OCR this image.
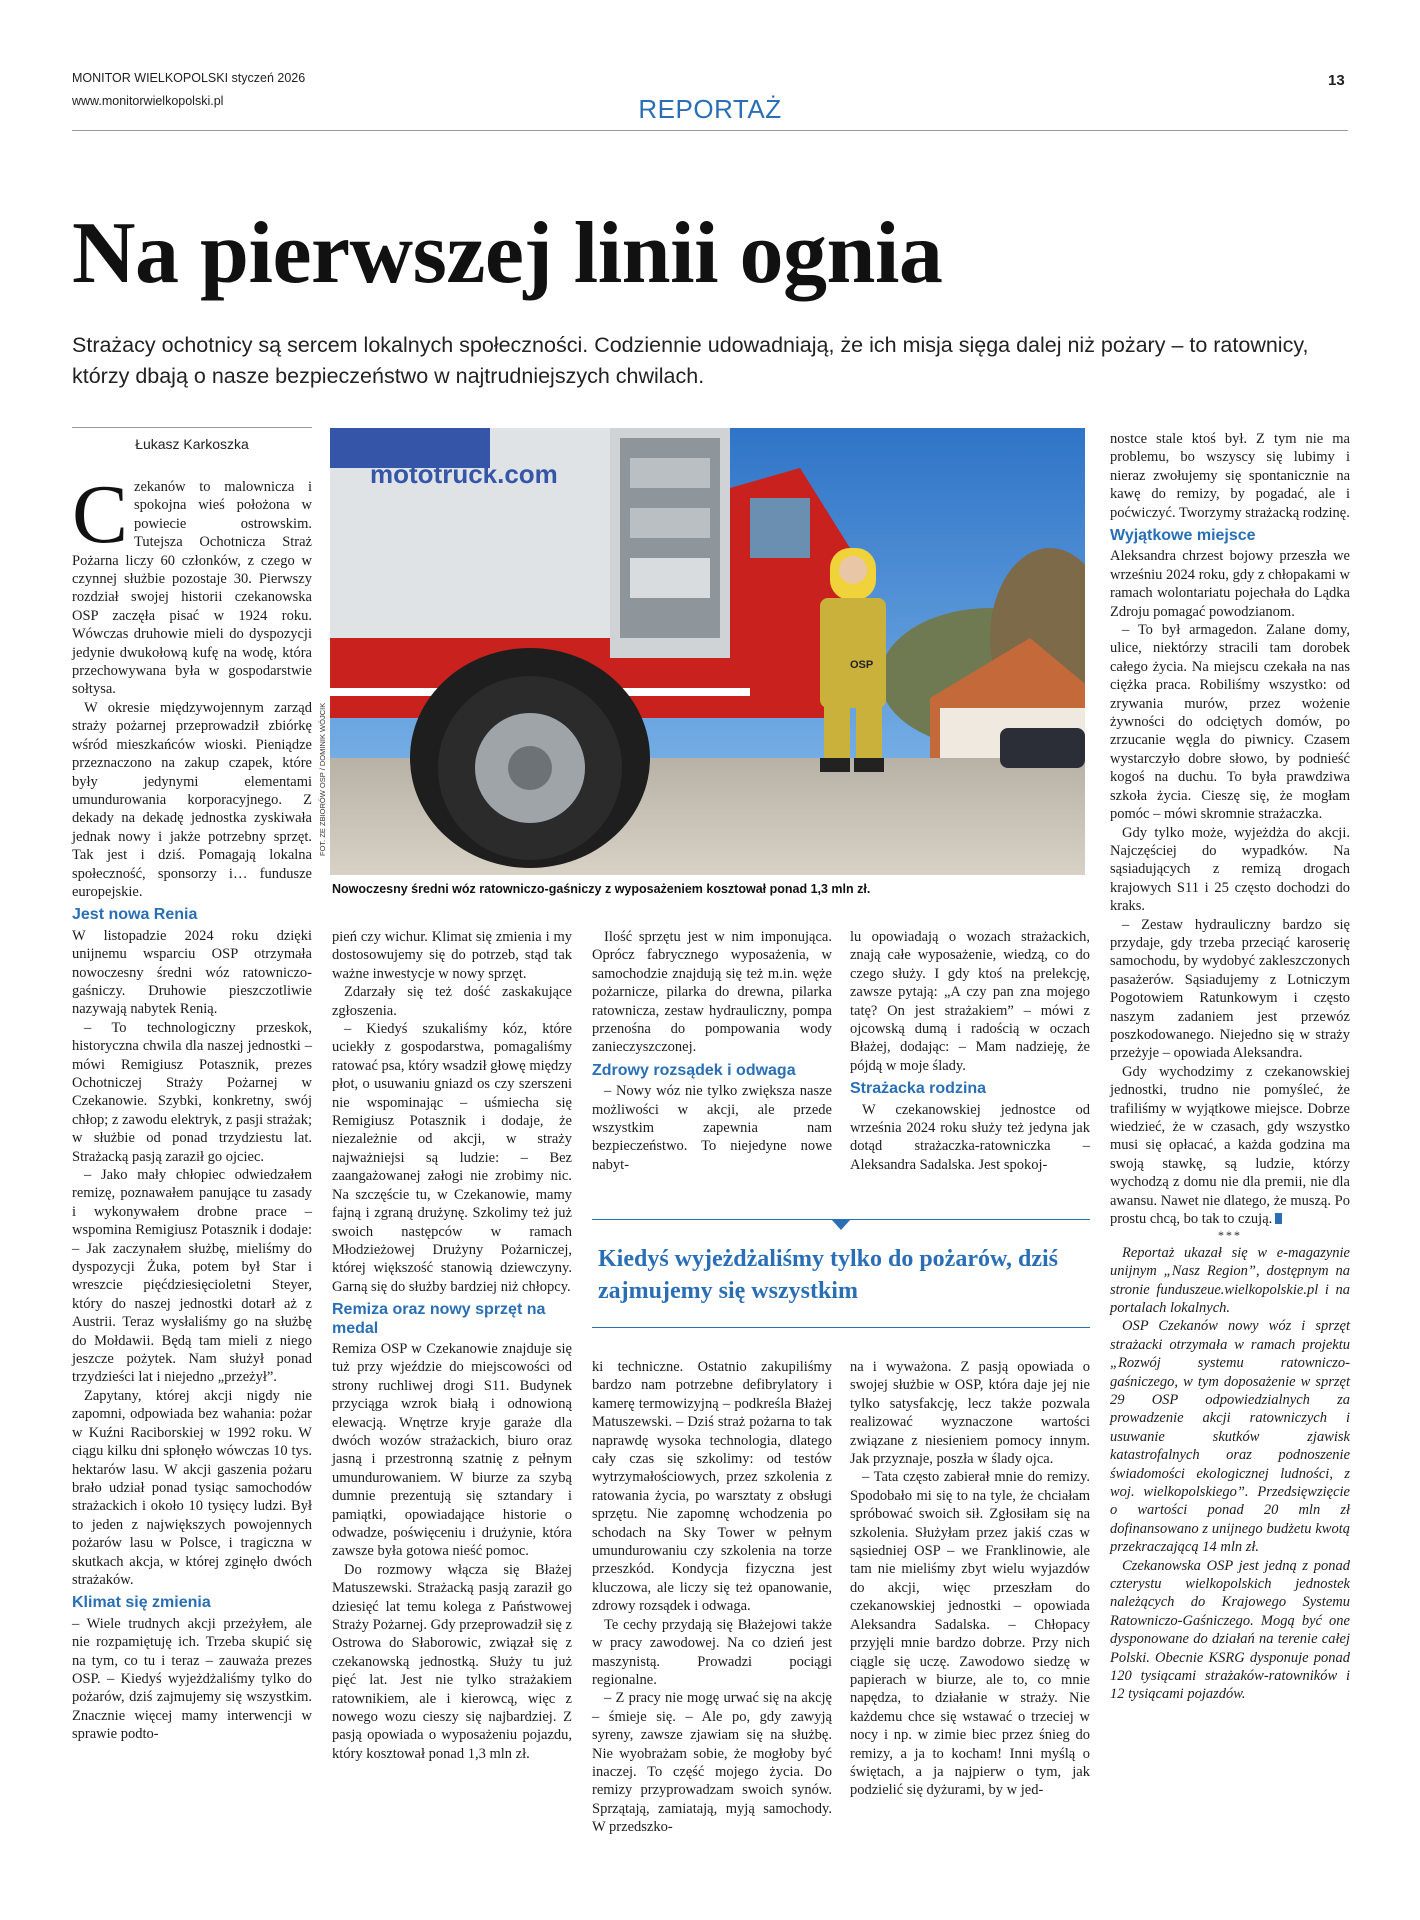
MONITOR WIELKOPOLSKI styczeń 2026
www.monitorwielkopolski.pl	REPORTAŻ
13
Na pierwszej linii ognia
Strażacy ochotnicy są sercem lokalnych społeczności. Codziennie udowadniają, że ich misja sięga dalej niż pożary – to ratownicy, którzy dbają o nasze bezpieczeństwo w najtrudniejszych chwilach.
Łukasz Karkoszka
mototruck.com
OSP
FOT. ZE ZBIORÓW OSP / DOMINIK WÓJCIK
Nowoczesny średni wóz ratowniczo-gaśniczy z wyposażeniem kosztował ponad 1,3 mln zł.

Czekanów to malownicza i spokojna wieś położona w powiecie ostrowskim. Tutejsza Ochotnicza Straż Pożarna liczy 60 członków, z czego w czynnej służbie pozostaje 30. Pierwszy rozdział swojej historii czekanowska OSP zaczęła pisać w 1924 roku. Wówczas druhowie mieli do dyspozycji jedynie dwukołową kufę na wodę, która przechowywana była w gospodarstwie sołtysa.

W okresie międzywojennym zarząd straży pożarnej przeprowadził zbiórkę wśród mieszkańców wioski. Pieniądze przeznaczono na zakup czapek, które były jedynymi elementami umundurowania korporacyjnego. Z dekady na dekadę jednostka zyskiwała jednak nowy i jakże potrzebny sprzęt. Tak jest i dziś. Pomagają lokalna społeczność, sponsorzy i… fundusze europejskie.

Jest nowa Renia

W listopadzie 2024 roku dzięki unijnemu wsparciu OSP otrzymała nowoczesny średni wóz ratowniczo-gaśniczy. Druhowie pieszczotliwie nazywają nabytek Renią.

– To technologiczny przeskok, historyczna chwila dla naszej jednostki – mówi Remigiusz Potasznik, prezes Ochotniczej Straży Pożarnej w Czekanowie. Szybki, konkretny, swój chłop; z zawodu elektryk, z pasji strażak; w służbie od ponad trzydziestu lat. Strażacką pasją zaraził go ojciec.

– Jako mały chłopiec odwiedzałem remizę, poznawałem panujące tu zasady i wykonywałem drobne prace – wspomina Remigiusz Potasznik i dodaje: – Jak zaczynałem służbę, mieliśmy do dyspozycji Żuka, potem był Star i wreszcie pięćdziesięcioletni Steyer, który do naszej jednostki dotarł aż z Austrii. Teraz wysłaliśmy go na służbę do Mołdawii. Będą tam mieli z niego jeszcze pożytek. Nam służył ponad trzydzieści lat i niejedno „przeżył”.

Zapytany, której akcji nigdy nie zapomni, odpowiada bez wahania: pożar w Kuźni Raciborskiej w 1992 roku. W ciągu kilku dni spłonęło wówczas 10 tys. hektarów lasu. W akcji gaszenia pożaru brało udział ponad tysiąc samochodów strażackich i około 10 tysięcy ludzi. Był to jeden z największych powojennych pożarów lasu w Polsce, i tragiczna w skutkach akcja, w której zginęło dwóch strażaków.

Klimat się zmienia

– Wiele trudnych akcji przeżyłem, ale nie rozpamiętuję ich. Trzeba skupić się na tym, co tu i teraz – zauważa prezes OSP. – Kiedyś wyjeżdżaliśmy tylko do pożarów, dziś zajmujemy się wszystkim. Znacznie więcej mamy interwencji w sprawie podto-

pień czy wichur. Klimat się zmienia i my dostosowujemy się do potrzeb, stąd tak ważne inwestycje w nowy sprzęt.

Zdarzały się też dość zaskakujące zgłoszenia.

– Kiedyś szukaliśmy kóz, które uciekły z gospodarstwa, pomagaliśmy ratować psa, który wsadził głowę między płot, o usuwaniu gniazd os czy szerszeni nie wspominając – uśmiecha się Remigiusz Potasznik i dodaje, że niezależnie od akcji, w straży najważniejsi są ludzie: – Bez zaangażowanej załogi nie zrobimy nic. Na szczęście tu, w Czekanowie, mamy fajną i zgraną drużynę. Szkolimy też już swoich następców w ramach Młodzieżowej Drużyny Pożarniczej, której większość stanowią dziewczyny. Garną się do służby bardziej niż chłopcy.

Remiza oraz nowy sprzęt na medal

Remiza OSP w Czekanowie znajduje się tuż przy wjeździe do miejscowości od strony ruchliwej drogi S11. Budynek przyciąga wzrok białą i odnowioną elewacją. Wnętrze kryje garaże dla dwóch wozów strażackich, biuro oraz jasną i przestronną szatnię z pełnym umundurowaniem. W biurze za szybą dumnie prezentują się sztandary i pamiątki, opowiadające historie o odwadze, poświęceniu i drużynie, która zawsze była gotowa nieść pomoc.

Do rozmowy włącza się Błażej Matuszewski. Strażacką pasją zaraził go dziesięć lat temu kolega z Państwowej Straży Pożarnej. Gdy przeprowadził się z Ostrowa do Słaborowic, związał się z czekanowską jednostką. Służy tu już pięć lat. Jest nie tylko strażakiem ratownikiem, ale i kierowcą, więc z nowego wozu cieszy się najbardziej. Z pasją opowiada o wyposażeniu pojazdu, który kosztował ponad 1,3 mln zł.

Ilość sprzętu jest w nim imponująca. Oprócz fabrycznego wyposażenia, w samochodzie znajdują się też m.in. węże pożarnicze, pilarka do drewna, pilarka ratownicza, zestaw hydrauliczny, pompa przenośna do pompowania wody zanieczyszczonej.

Zdrowy rozsądek i odwaga

– Nowy wóz nie tylko zwiększa nasze możliwości w akcji, ale przede wszystkim zapewnia nam bezpieczeństwo. To niejedyne nowe nabyt-

lu opowiadają o wozach strażackich, znają całe wyposażenie, wiedzą, co do czego służy. I gdy ktoś na prelekcję, zawsze pytają: „A czy pan zna mojego tatę? On jest strażakiem” – mówi z ojcowską dumą i radością w oczach Błażej, dodając: – Mam nadzieję, że pójdą w moje ślady.

Strażacka rodzina

W czekanowskiej jednostce od września 2024 roku służy też jedyna jak dotąd strażaczka-ratowniczka – Aleksandra Sadalska. Jest spokoj-

Kiedyś wyjeżdżaliśmy tylko do pożarów, dziś zajmujemy się wszystkim

ki techniczne. Ostatnio zakupiliśmy bardzo nam potrzebne defibrylatory i kamerę termowizyjną – podkreśla Błażej Matuszewski. – Dziś straż pożarna to tak naprawdę wysoka technologia, dlatego cały czas się szkolimy: od testów wytrzymałościowych, przez szkolenia z ratowania życia, po warsztaty z obsługi sprzętu. Nie zapomnę wchodzenia po schodach na Sky Tower w pełnym umundurowaniu czy szkolenia na torze przeszkód. Kondycja fizyczna jest kluczowa, ale liczy się też opanowanie, zdrowy rozsądek i odwaga.

Te cechy przydają się Błażejowi także w pracy zawodowej. Na co dzień jest maszynistą. Prowadzi pociągi regionalne.

– Z pracy nie mogę urwać się na akcję – śmieje się. – Ale po, gdy zawyją syreny, zawsze zjawiam się na służbę. Nie wyobrażam sobie, że mogłoby być inaczej. To część mojego życia. Do remizy przyprowadzam swoich synów. Sprzątają, zamiatają, myją samochody. W przedszko-

na i wyważona. Z pasją opowiada o swojej służbie w OSP, która daje jej nie tylko satysfakcję, lecz także pozwala realizować wyznaczone wartości związane z niesieniem pomocy innym. Jak przyznaje, poszła w ślady ojca.

– Tata często zabierał mnie do remizy. Spodobało mi się to na tyle, że chciałam spróbować swoich sił. Zgłosiłam się na szkolenia. Służyłam przez jakiś czas w sąsiedniej OSP – we Franklinowie, ale tam nie mieliśmy zbyt wielu wyjazdów do akcji, więc przeszłam do czekanowskiej jednostki – opowiada Aleksandra Sadalska. – Chłopacy przyjęli mnie bardzo dobrze. Przy nich ciągle się uczę. Zawodowo siedzę w papierach w biurze, ale to, co mnie napędza, to działanie w straży. Nie każdemu chce się wstawać o trzeciej w nocy i np. w zimie biec przez śnieg do remizy, a ja to kocham! Inni myślą o świętach, a ja najpierw o tym, jak podzielić się dyżurami, by w jed-

nostce stale ktoś był. Z tym nie ma problemu, bo wszyscy się lubimy i nieraz zwołujemy się spontanicznie na kawę do remizy, by pogadać, ale i poćwiczyć. Tworzymy strażacką rodzinę.

Wyjątkowe miejsce

Aleksandra chrzest bojowy przeszła we wrześniu 2024 roku, gdy z chłopakami w ramach wolontariatu pojechała do Lądka Zdroju pomagać powodzianom.

– To był armagedon. Zalane domy, ulice, niektórzy stracili tam dorobek całego życia. Na miejscu czekała na nas ciężka praca. Robiliśmy wszystko: od zrywania murów, przez wożenie żywności do odciętych domów, po zrzucanie węgla do piwnicy. Czasem wystarczyło dobre słowo, by podnieść kogoś na duchu. To była prawdziwa szkoła życia. Cieszę się, że mogłam pomóc – mówi skromnie strażaczka.

Gdy tylko może, wyjeżdża do akcji. Najczęściej do wypadków. Na sąsiadujących z remizą drogach krajowych S11 i 25 często dochodzi do kraks.

– Zestaw hydrauliczny bardzo się przydaje, gdy trzeba przeciąć karoserię samochodu, by wydobyć zakleszczonych pasażerów. Sąsiadujemy z Lotniczym Pogotowiem Ratunkowym i często naszym zadaniem jest przewóz poszkodowanego. Niejedno się w straży przeżyje – opowiada Aleksandra.

Gdy wychodzimy z czekanowskiej jednostki, trudno nie pomyśleć, że trafiliśmy w wyjątkowe miejsce. Dobrze wiedzieć, że w czasach, gdy wszystko musi się opłacać, a każda godzina ma swoją stawkę, są ludzie, którzy wychodzą z domu nie dla premii, nie dla awansu. Nawet nie dlatego, że muszą. Po prostu chcą, bo tak to czują.

***

Reportaż ukazał się w e-magazynie unijnym „Nasz Region”, dostępnym na stronie funduszeue.wielkopolskie.pl i na portalach lokalnych.

OSP Czekanów nowy wóz i sprzęt strażacki otrzymała w ramach projektu „Rozwój systemu ratowniczo-gaśniczego, w tym doposażenie w sprzęt 29 OSP odpowiedzialnych za prowadzenie akcji ratowniczych i usuwanie skutków zjawisk katastrofalnych oraz podnoszenie świadomości ekologicznej ludności, z woj. wielkopolskiego”. Przedsięwzięcie o wartości ponad 20 mln zł dofinansowano z unijnego budżetu kwotą przekraczającą 14 mln zł.

Czekanowska OSP jest jedną z ponad czterystu wielkopolskich jednostek należących do Krajowego Systemu Ratowniczo-Gaśniczego. Mogą być one dysponowane do działań na terenie całej Polski. Obecnie KSRG dysponuje ponad 120 tysiącami strażaków-ratowników i 12 tysiącami pojazdów.
